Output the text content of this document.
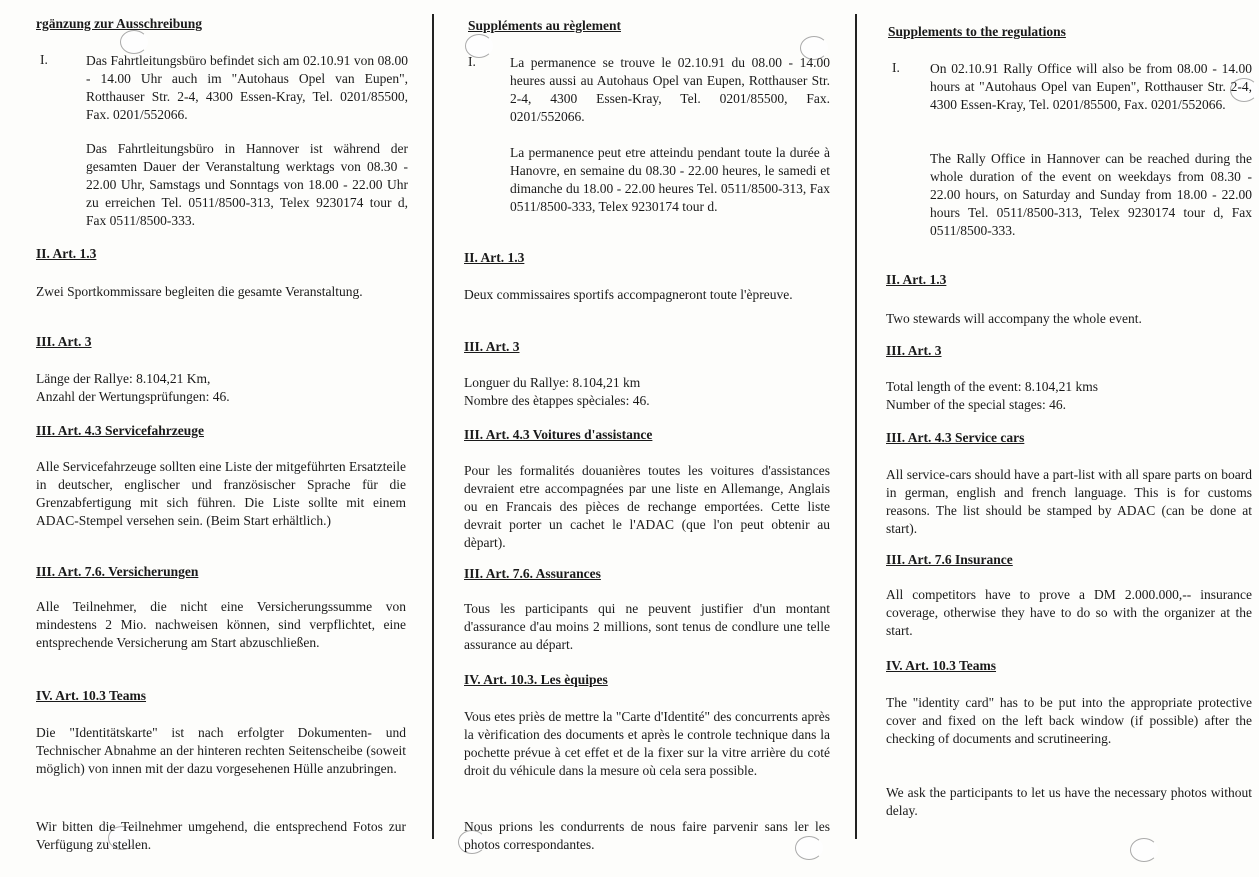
rgänzung zur Ausschreibung
I.	Das Fahrtleitungsbüro befindet sich am 02.10.91 von 08.00 - 14.00 Uhr auch im "Autohaus Opel van Eupen", Rotthauser Str. 2-4, 4300 Essen-Kray, Tel. 0201/85500, Fax. 0201/552066.

Das Fahrtleitungsbüro in Hannover ist während der gesamten Dauer der Veranstaltung werktags von 08.30 - 22.00 Uhr, Samstags und Sonntags von 18.00 - 22.00 Uhr zu erreichen Tel. 0511/8500-313, Telex 9230174 tour d, Fax 0511/8500-333.

II. Art. 1.3

Zwei Sportkommissare begleiten die gesamte Veranstaltung.

III. Art. 3

Länge der Rallye: 8.104,21 Km,

Anzahl der Wertungsprüfungen: 46.

III. Art. 4.3 Servicefahrzeuge

Alle Servicefahrzeuge sollten eine Liste der mitgeführten Ersatzteile in deutscher, englischer und französischer Sprache für die Grenzabfertigung mit sich führen. Die Liste sollte mit einem ADAC-Stempel versehen sein. (Beim Start erhältlich.)

III. Art. 7.6. Versicherungen

Alle Teilnehmer, die nicht eine Versicherungssumme von mindestens 2 Mio. nachweisen können, sind verpflichtet, eine entsprechende Versicherung am Start abzuschließen.

IV. Art. 10.3 Teams

Die "Identitätskarte" ist nach erfolgter Dokumenten- und Technischer Abnahme an der hinteren rechten Seitenscheibe (soweit möglich) von innen mit der dazu vorgesehenen Hülle anzubringen.

Wir bitten die Teilnehmer umgehend, die entsprechend Fotos zur Verfügung zu stellen.

Suppléments au règlement
I.	La permanence se trouve le 02.10.91 du 08.00 - 14.00 heures aussi au Autohaus Opel van Eupen, Rotthauser Str. 2-4, 4300 Essen-Kray, Tel. 0201/85500, Fax. 0201/552066.

La permanence peut etre atteindu pendant toute la durée à Hanovre, en semaine du 08.30 - 22.00 heures, le samedi et dimanche du 18.00 - 22.00 heures Tel. 0511/8500-313, Fax 0511/8500-333, Telex 9230174 tour d.

II. Art. 1.3

Deux commissaires sportifs accompagneront toute l'èpreuve.

III. Art. 3

Longuer du Rallye: 8.104,21 km

Nombre des ètappes spèciales: 46.

III. Art. 4.3 Voitures d'assistance

Pour les formalités douanières toutes les voitures d'assistances devraient etre accompagnées par une liste en Allemange, Anglais ou en Francais des pièces de rechange emportées. Cette liste devrait porter un cachet le l'ADAC (que l'on peut obtenir au dèpart).

III. Art. 7.6. Assurances

Tous les participants qui ne peuvent justifier d'un montant d'assurance d'au moins 2 millions, sont tenus de condlure une telle assurance au départ.

IV. Art. 10.3. Les èquipes

Vous etes priès de mettre la "Carte d'Identité" des concurrents après la vèrification des documents et après le controle technique dans la pochette prévue à cet effet et de la fixer sur la vitre arrière du coté droit du véhicule dans la mesure où cela sera possible.

Nous prions les condurrents de nous faire parvenir sans ler les photos correspondantes.

Supplements to the regulations
I. On 02.10.91 Rally Office will also be from 08.00 - 14.00 hours at "Autohaus Opel van Eupen", Rotthauser Str. 2-4, 4300 Essen-Kray, Tel. 0201/85500, Fax. 0201/552066.

The Rally Office in Hannover can be reached during the whole duration of the event on weekdays from 08.30 - 22.00 hours, on Saturday and Sunday from 18.00 - 22.00 hours Tel. 0511/8500-313, Telex 9230174 tour d, Fax 0511/8500-333.

II. Art. 1.3

Two stewards will accompany the whole event.

III. Art. 3

Total length of the event: 8.104,21 kms

Number of the special stages: 46.

III. Art. 4.3 Service cars

All service-cars should have a part-list with all spare parts on board in german, english and french language. This is for customs reasons. The list should be stamped by ADAC (can be done at start).

III. Art. 7.6 Insurance

All competitors have to prove a DM 2.000.000,-- insurance coverage, otherwise they have to do so with the organizer at the start.

IV. Art. 10.3 Teams

The "identity card" has to be put into the appropriate protective cover and fixed on the left back window (if possible) after the checking of documents and scrutineering.

We ask the participants to let us have the necessary photos without delay.
